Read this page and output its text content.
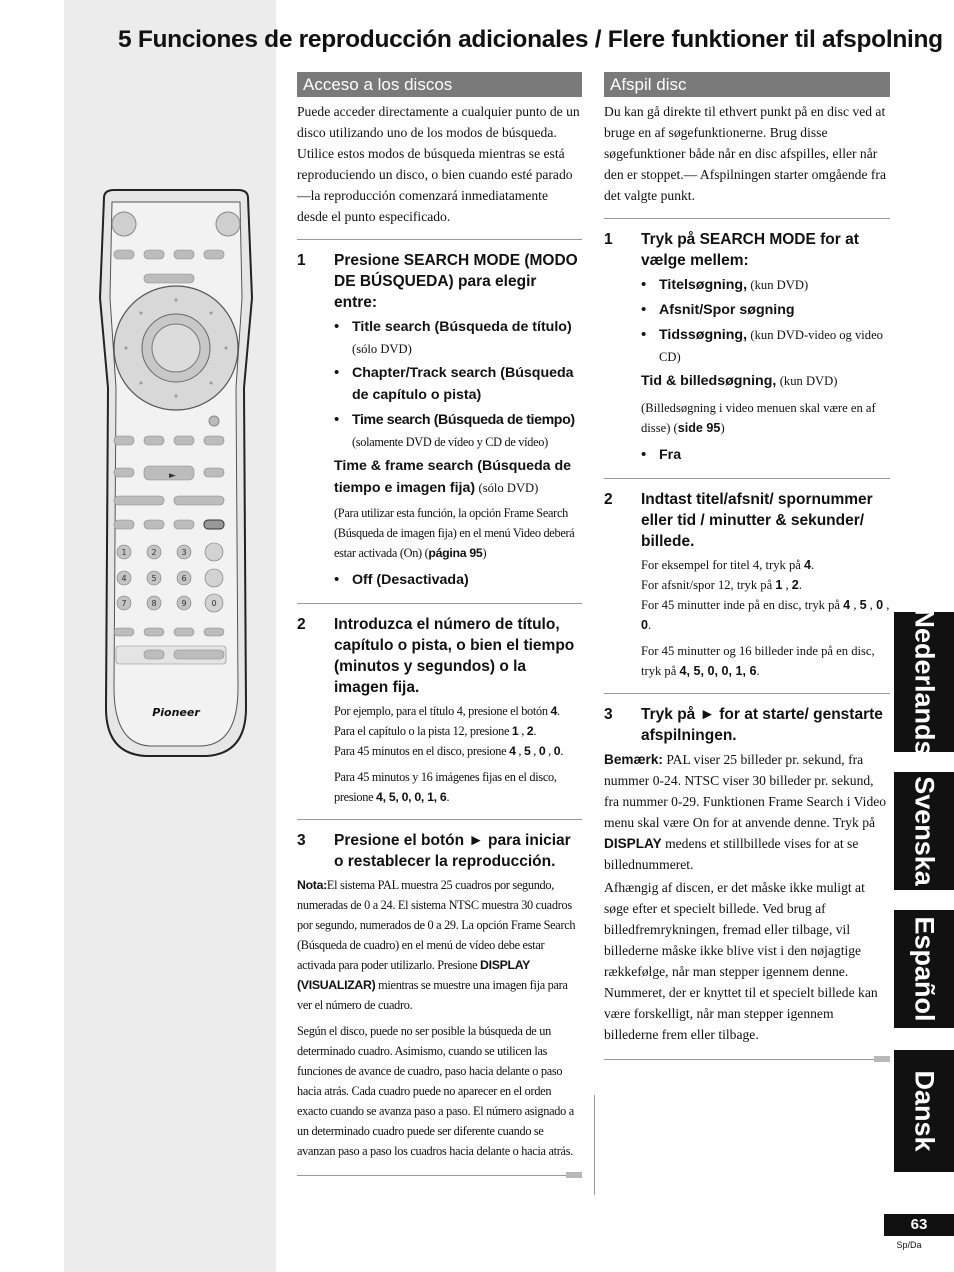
5 Funciones de reproducción adicionales / Flere funktioner til afspolning
►
1	2	3
4	5	6
7	8	9	0
Pioneer
Acceso a los discos

Puede acceder directamente a cualquier punto de un disco utilizando uno de los modos de búsqueda. Utilice estos modos de búsqueda mientras se está reproduciendo un disco, o bien cuando esté parado—la reproducción comenzará inmediatamente desde el punto especificado.

1	Presione SEARCH MODE (MODO DE BÚSQUEDA) para elegir entre:
• Title search (Búsqueda de título) (sólo DVD)
• Chapter/Track search (Búsqueda de capítulo o pista)
• Time search (Búsqueda de tiempo) (solamente DVD de vídeo y CD de vídeo)
Time & frame search (Búsqueda de tiempo e imagen fija) (sólo DVD)
(Para utilizar esta función, la opción Frame Search (Búsqueda de imagen fija) en el menú Video deberá estar activada (On) (página 95)
• Off (Desactivada)
2	Introduzca el número de título, capítulo o pista, o bien el tiempo (minutos y segundos) o la imagen fija.
Por ejemplo, para el título 4, presione el botón 4.
Para el capítulo o la pista 12, presione 1 , 2.
Para 45 minutos en el disco, presione 4 , 5 , 0 , 0.
Para 45 minutos y 16 imágenes fijas en el disco, presione 4, 5, 0, 0, 1, 6.
3	Presione el botón ► para iniciar o restablecer la reproducción.
Nota:El sistema PAL muestra 25 cuadros por segundo, numeradas de 0 a 24. El sistema NTSC muestra 30 cuadros por segundo, numerados de 0 a 29. La opción Frame Search (Búsqueda de cuadro) en el menú de vídeo debe estar activada para poder utilizarlo. Presione DISPLAY (VISUALIZAR) mientras se muestre una imagen fija para ver el número de cuadro.
Según el disco, puede no ser posible la búsqueda de un determinado cuadro. Asimismo, cuando se utilicen las funciones de avance de cuadro, paso hacia delante o paso hacia atrás. Cada cuadro puede no aparecer en el orden exacto cuando se avanza paso a paso. El número asignado a un determinado cuadro puede ser diferente cuando se avanzan paso a paso los cuadros hacia delante o hacia atrás.
Afspil disc

Du kan gå direkte til ethvert punkt på en disc ved at bruge en af søgefunktionerne. Brug disse søgefunktioner både når en disc afspilles, eller når den er stoppet.— Afspilningen starter omgående fra det valgte punkt.

1	Tryk på SEARCH MODE for at vælge mellem:
• Titelsøgning, (kun DVD)
• Afsnit/Spor søgning
• Tidssøgning, (kun DVD-video og video CD)
Tid & billedsøgning, (kun DVD)
(Billedsøgning i video menuen skal være en af disse) (side 95)
• Fra
2	Indtast titel/afsnit/ spornummer eller tid / minutter & sekunder/ billede.
For eksempel for titel 4, tryk på 4.
For afsnit/spor 12, tryk på 1 , 2.
For 45 minutter inde på en disc, tryk på 4 , 5 , 0 , 0.
For 45 minutter og 16 billeder inde på en disc, tryk på 4, 5, 0, 0, 1, 6.
3	Tryk på ► for at starte/ genstarte afspilningen.
Bemærk: PAL viser 25 billeder pr. sekund, fra nummer 0-24. NTSC viser 30 billeder pr. sekund, fra nummer 0-29. Funktionen Frame Search i Video menu skal være On for at anvende denne. Tryk på DISPLAY medens et stillbillede vises for at se billednummeret.
Afhængig af discen, er det måske ikke muligt at søge efter et specielt billede. Ved brug af billedfremrykningen, fremad eller tilbage, vil billederne måske ikke blive vist i den nøjagtige rækkefølge, når man stepper igennem denne. Nummeret, der er knyttet til et specielt billede kan være forskelligt, når man stepper igennem billederne frem eller tilbage.
Nederlands
Svenska
Español
Dansk
63
Sp/Da
